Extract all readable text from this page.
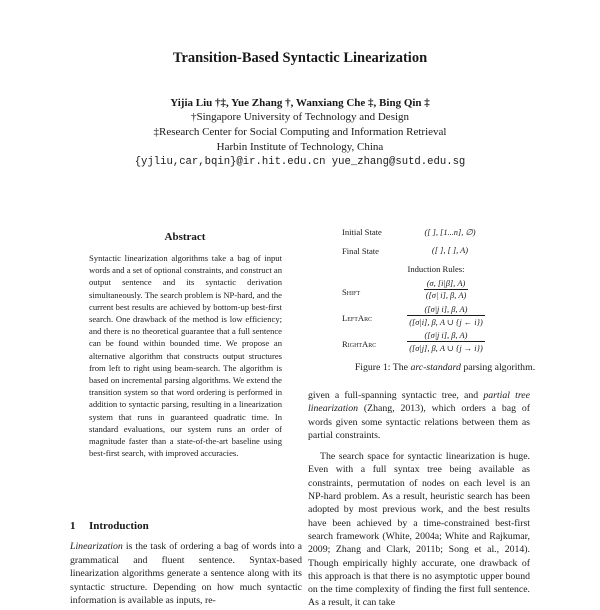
Transition-Based Syntactic Linearization
Yijia Liu †‡, Yue Zhang †, Wanxiang Che ‡, Bing Qin ‡
†Singapore University of Technology and Design
‡Research Center for Social Computing and Information Retrieval
Harbin Institute of Technology, China
{yjliu,car,bqin}@ir.hit.edu.cn yue_zhang@sutd.edu.sg
Abstract

Syntactic linearization algorithms take a bag of input words and a set of optional constraints, and construct an output sentence and its syntactic derivation simultaneously. The search problem is NP-hard, and the current best results are achieved by bottom-up best-first search. One drawback of the method is low efficiency; and there is no theoretical guarantee that a full sentence can be found within bounded time. We propose an alternative algorithm that constructs output structures from left to right using beam-search. The algorithm is based on incremental parsing algorithms. We extend the transition system so that word ordering is performed in addition to syntactic parsing, resulting in a linearization system that runs in guaranteed quadratic time. In standard evaluations, our system runs an order of magnitude faster than a state-of-the-art baseline using best-first search, with improved accuracies.

1 Introduction

Linearization is the task of ordering a bag of words into a grammatical and fluent sentence. Syntax-based linearization algorithms generate a sentence along with its syntactic structure. Depending on how much syntactic information is available as inputs, re-

Initial State	([ ], [1...n], ∅)
Final State	([ ], [ ], A)
Induction Rules:
Shift	$\frac{(\sigma, [i|\beta], A)}{([\sigma| i], \beta, A)}$
LeftArc	$\frac{\text{([σ|j i], β, A)}}{([\sigma|i], \beta, A \cup \{j \leftarrow i\})}$
RightArc	$\frac{\text{([σ|j i], β, A)}}{([\sigma|j], \beta, A \cup \{j \to i\})}$
Figure 1: The arc-standard parsing algorithm.

given a full-spanning syntactic tree, and partial tree linearization (Zhang, 2013), which orders a bag of words given some syntactic relations between them as partial constraints.

The search space for syntactic linearization is huge. Even with a full syntax tree being available as constraints, permutation of nodes on each level is an NP-hard problem. As a result, heuristic search has been adopted by most previous work, and the best results have been achieved by a time-constrained best-first search framework (White, 2004a; White and Rajkumar, 2009; Zhang and Clark, 2011b; Song et al., 2014). Though empirically highly accurate, one drawback of this approach is that there is no asymptotic upper bound on the time complexity of finding the first full sentence. As a result, it can take
